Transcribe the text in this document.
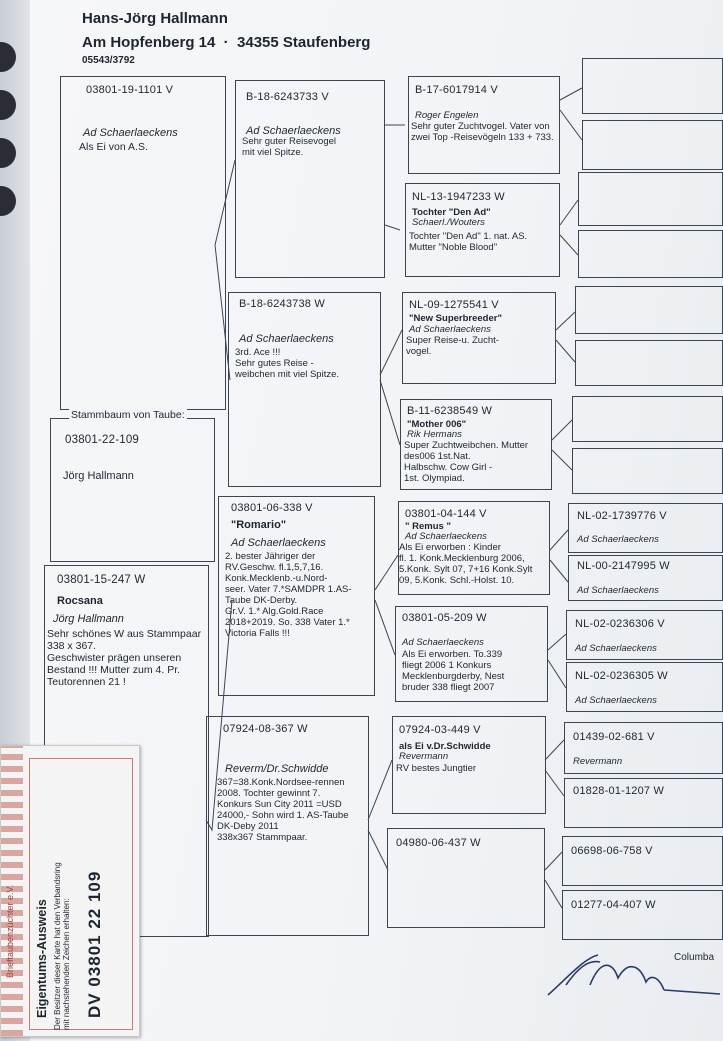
Hans-Jörg Hallmann
Am Hopfenberg 14  ·  34355 Staufenberg
05543/3792
03801-19-1101 V
Ad Schaerlaeckens
Als Ei von A.S.
Stammbaum von Taube:
03801-22-109
Jörg Hallmann
03801-15-247 W
Rocsana
Jörg Hallmann
Sehr schönes W aus Stammpaar
338 x 367.
Geschwister prägen unseren
Bestand !!! Mutter zum 4. Pr.
Teutorennen 21 !
B-18-6243733 V
Ad Schaerlaeckens
Sehr guter Reisevogel
mit viel Spitze.
B-18-6243738 W
Ad Schaerlaeckens
3rd. Ace !!!
Sehr gutes Reise -
weibchen mit viel Spitze.
03801-06-338 V
"Romario"
Ad Schaerlaeckens
2. bester Jähriger der
RV.Geschw. fl.1,5,7,16.
Konk.Mecklenb.-u.Nord-
seer. Vater 7.*SAMDPR 1.AS-
Taube DK-Derby.
Gr.V. 1.* Alg.Gold.Race
2018+2019. So. 338 Vater 1.*
Victoria Falls !!!
07924-08-367 W
Reverm/Dr.Schwidde
367=38.Konk.Nordsee-rennen
2008. Tochter gewinnt 7.
Konkurs Sun City 2011 =USD
24000,- Sohn wird 1. AS-Taube
DK-Deby 2011
338x367 Stammpaar.
B-17-6017914 V
Roger Engelen
Sehr guter Zuchtvogel. Vater von
zwei Top -Reisevögeln 133 + 733.
NL-13-1947233 W
Tochter "Den Ad"
Schaerl./Wouters
Tochter "Den Ad" 1. nat. AS.
Mutter "Noble Blood"
NL-09-1275541 V
"New Superbreeder"
Ad Schaerlaeckens
Super Reise-u. Zucht-
vogel.
B-11-6238549 W
"Mother 006"
Rik Hermans
Super Zuchtweibchen. Mutter
des006 1st.Nat.
Halbschw. Cow Girl -
1st. Olympiad.
03801-04-144 V
" Remus "
Ad Schaerlaeckens
Als Ei erworben : Kinder
fl. 1. Konk.Mecklenburg 2006,
5.Konk. Sylt 07, 7+16 Konk.Sylt
09, 5.Konk. Schl.-Holst. 10.
03801-05-209 W
Ad Schaerlaeckens
Als Ei erworben. To.339
fliegt 2006 1 Konkurs
Mecklenburgderby, Nest
bruder 338 fliegt 2007
07924-03-449 V
als Ei v.Dr.Schwidde
Revermann
RV bestes Jungtier
04980-06-437 W
NL-02-1739776 V
Ad Schaerlaeckens
NL-00-2147995 W
Ad Schaerlaeckens
NL-02-0236306 V
Ad Schaerlaeckens
NL-02-0236305 W
Ad Schaerlaeckens
01439-02-681 V
Revermann
01828-01-1207 W
06698-06-758 V
01277-04-407 W
Columba
Brieftaubenzüchter e.V. Eigentums-Ausweis
Der Besitzer dieser Karte hat den Verbandsring
mit nachstehenden Zeichen erhalten: DV 03801 22 109
